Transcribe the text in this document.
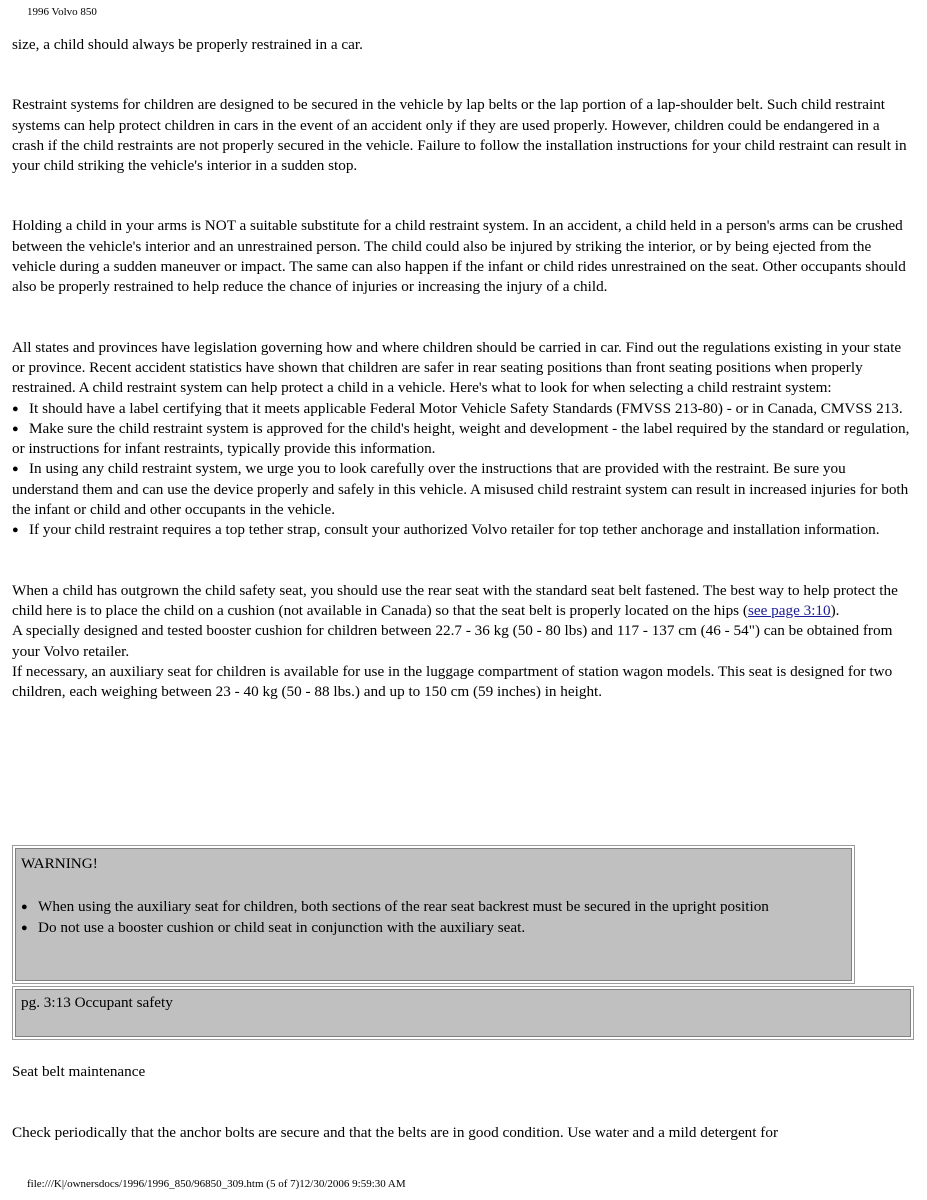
1996 Volvo 850

size, a child should always be properly restrained in a car.

Restraint systems for children are designed to be secured in the vehicle by lap belts or the lap portion of a lap-shoulder belt. Such child restraint systems can help protect children in cars in the event of an accident only if they are used properly. However, children could be endangered in a crash if the child restraints are not properly secured in the vehicle. Failure to follow the installation instructions for your child restraint can result in your child striking the vehicle's interior in a sudden stop.

Holding a child in your arms is NOT a suitable substitute for a child restraint system. In an accident, a child held in a person's arms can be crushed between the vehicle's interior and an unrestrained person. The child could also be injured by striking the interior, or by being ejected from the vehicle during a sudden maneuver or impact. The same can also happen if the infant or child rides unrestrained on the seat. Other occupants should also be properly restrained to help reduce the chance of injuries or increasing the injury of a child.

All states and provinces have legislation governing how and where children should be carried in car. Find out the regulations existing in your state or province. Recent accident statistics have shown that children are safer in rear seating positions than front seating positions when properly restrained. A child restraint system can help protect a child in a vehicle. Here's what to look for when selecting a child restraint system:

● It should have a label certifying that it meets applicable Federal Motor Vehicle Safety Standards (FMVSS 213-80) - or in Canada, CMVSS 213.
● Make sure the child restraint system is approved for the child's height, weight and development - the label required by the standard or regulation, or instructions for infant restraints, typically provide this information.
● In using any child restraint system, we urge you to look carefully over the instructions that are provided with the restraint. Be sure you understand them and can use the device properly and safely in this vehicle. A misused child restraint system can result in increased injuries for both the infant or child and other occupants in the vehicle.
● If your child restraint requires a top tether strap, consult your authorized Volvo retailer for top tether anchorage and installation information.

When a child has outgrown the child safety seat, you should use the rear seat with the standard seat belt fastened. The best way to help protect the child here is to place the child on a cushion (not available in Canada) so that the seat belt is properly located on the hips (see page 3:10).

A specially designed and tested booster cushion for children between 22.7 - 36 kg (50 - 80 lbs) and 117 - 137 cm (46 - 54") can be obtained from your Volvo retailer.

If necessary, an auxiliary seat for children is available for use in the luggage compartment of station wagon models. This seat is designed for two children, each weighing between 23 - 40 kg (50 - 88 lbs.) and up to 150 cm (59 inches) in height.

WARNING!
● When using the auxiliary seat for children, both sections of the rear seat backrest must be secured in the upright position
● Do not use a booster cushion or child seat in conjunction with the auxiliary seat.
pg. 3:13 Occupant safety
Seat belt maintenance
Check periodically that the anchor bolts are secure and that the belts are in good condition. Use water and a mild detergent for
file:///K|/ownersdocs/1996/1996_850/96850_309.htm (5 of 7)12/30/2006 9:59:30 AM
